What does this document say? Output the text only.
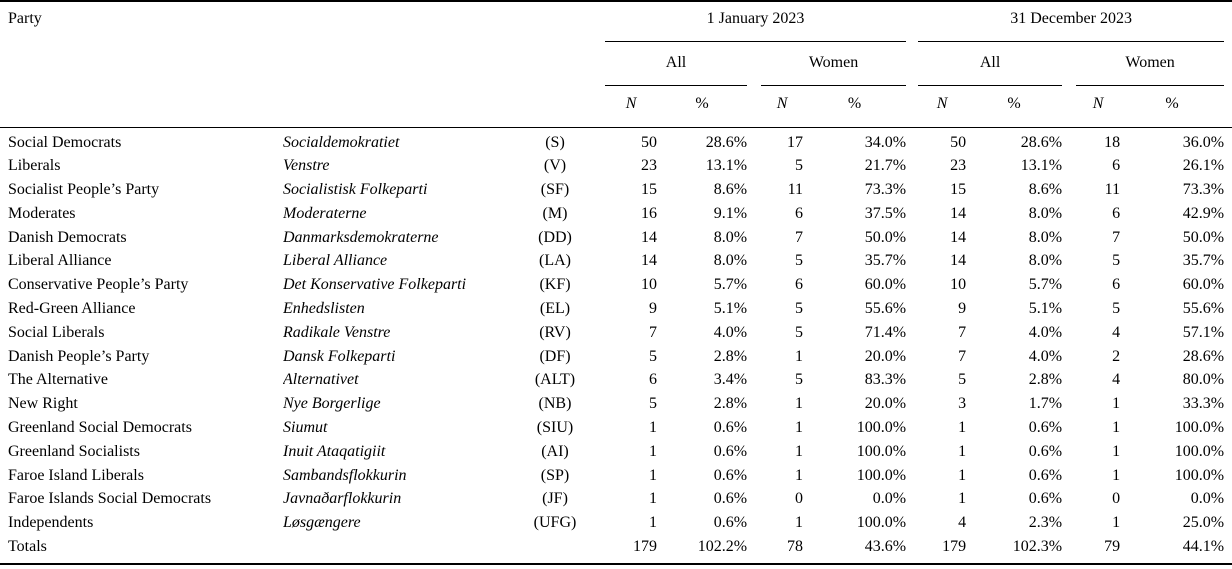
Party				1 January 2023						31 December 2023					
				All			Women			All			Women		
				N	%		N	%		N	%		N	%	
Social Democrats	Socialdemokratiet	(S)		50	28.6%		17	34.0%		50	28.6%		18	36.0%	
Liberals	Venstre	(V)		23	13.1%		5	21.7%		23	13.1%		6	26.1%	
Socialist People’s Party	Socialistisk Folkeparti	(SF)		15	8.6%		11	73.3%		15	8.6%		11	73.3%	
Moderates	Moderaterne	(M)		16	9.1%		6	37.5%		14	8.0%		6	42.9%	
Danish Democrats	Danmarksdemokraterne	(DD)		14	8.0%		7	50.0%		14	8.0%		7	50.0%	
Liberal Alliance	Liberal Alliance	(LA)		14	8.0%		5	35.7%		14	8.0%		5	35.7%	
Conservative People’s Party	Det Konservative Folkeparti	(KF)		10	5.7%		6	60.0%		10	5.7%		6	60.0%	
Red-Green Alliance	Enhedslisten	(EL)		9	5.1%		5	55.6%		9	5.1%		5	55.6%	
Social Liberals	Radikale Venstre	(RV)		7	4.0%		5	71.4%		7	4.0%		4	57.1%	
Danish People’s Party	Dansk Folkeparti	(DF)		5	2.8%		1	20.0%		7	4.0%		2	28.6%	
The Alternative	Alternativet	(ALT)		6	3.4%		5	83.3%		5	2.8%		4	80.0%	
New Right	Nye Borgerlige	(NB)		5	2.8%		1	20.0%		3	1.7%		1	33.3%	
Greenland Social Democrats	Siumut	(SIU)		1	0.6%		1	100.0%		1	0.6%		1	100.0%	
Greenland Socialists	Inuit Ataqatigiit	(AI)		1	0.6%		1	100.0%		1	0.6%		1	100.0%	
Faroe Island Liberals	Sambandsflokkurin	(SP)		1	0.6%		1	100.0%		1	0.6%		1	100.0%	
Faroe Islands Social Democrats	Javnaðarflokkurin	(JF)		1	0.6%		0	0.0%		1	0.6%		0	0.0%	
Independents	Løsgængere	(UFG)		1	0.6%		1	100.0%		4	2.3%		1	25.0%	
Totals				179	102.2%		78	43.6%		179	102.3%		79	44.1%	
